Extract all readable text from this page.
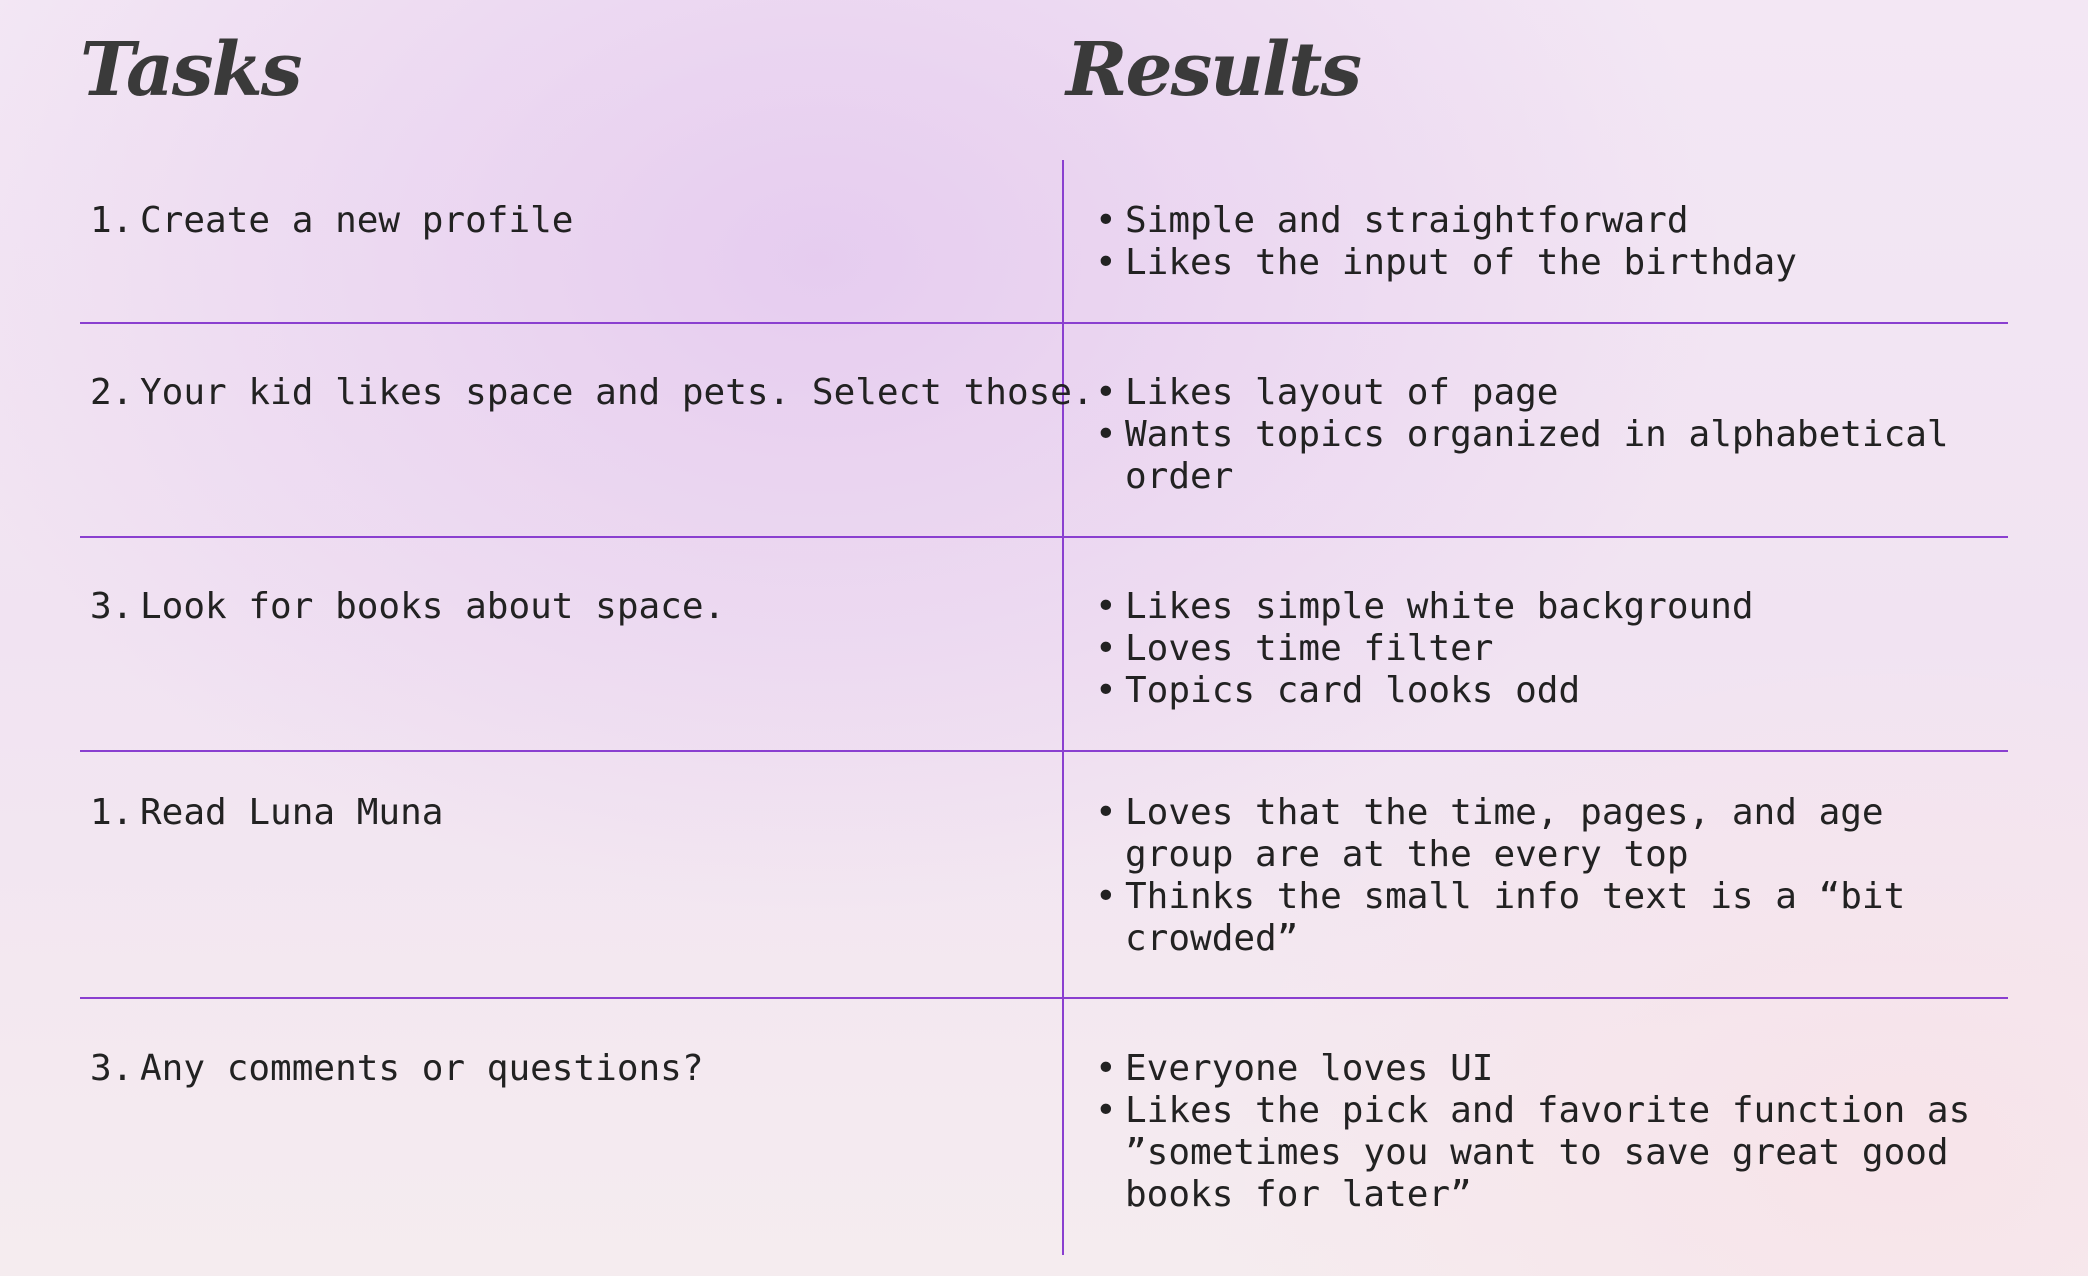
Tasks	Results

1. Create a new profile	• Simple and straightforward
• Likes the input of the birthday

2. Your kid likes space and pets. Select those. • Likes layout of page
• Wants topics organized in alphabetical order

3. Look for books about space.	• Likes simple white background
• Loves time filter
• Topics card looks odd

1. Read Luna Muna	• Loves that the time, pages, and age group are at the every top
• Thinks the small info text is a “bit crowded”

3. Any comments or questions?	• Everyone loves UI
• Likes the pick and favorite function as ”sometimes you want to save great good books for later”
